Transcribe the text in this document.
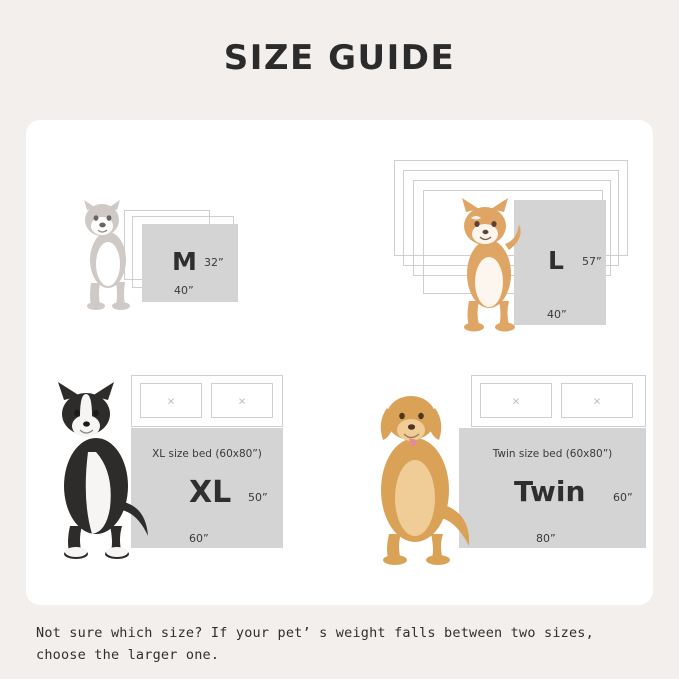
SIZE GUIDE
M 32”
40”
L 57”
40”
×	×
XL size bed (60x80”)
XL 50”
60”
×	×
Twin size bed (60x80”)
Twin	60”
80”
Not sure which size? If your pet’ s weight falls between two sizes, choose the larger one.
